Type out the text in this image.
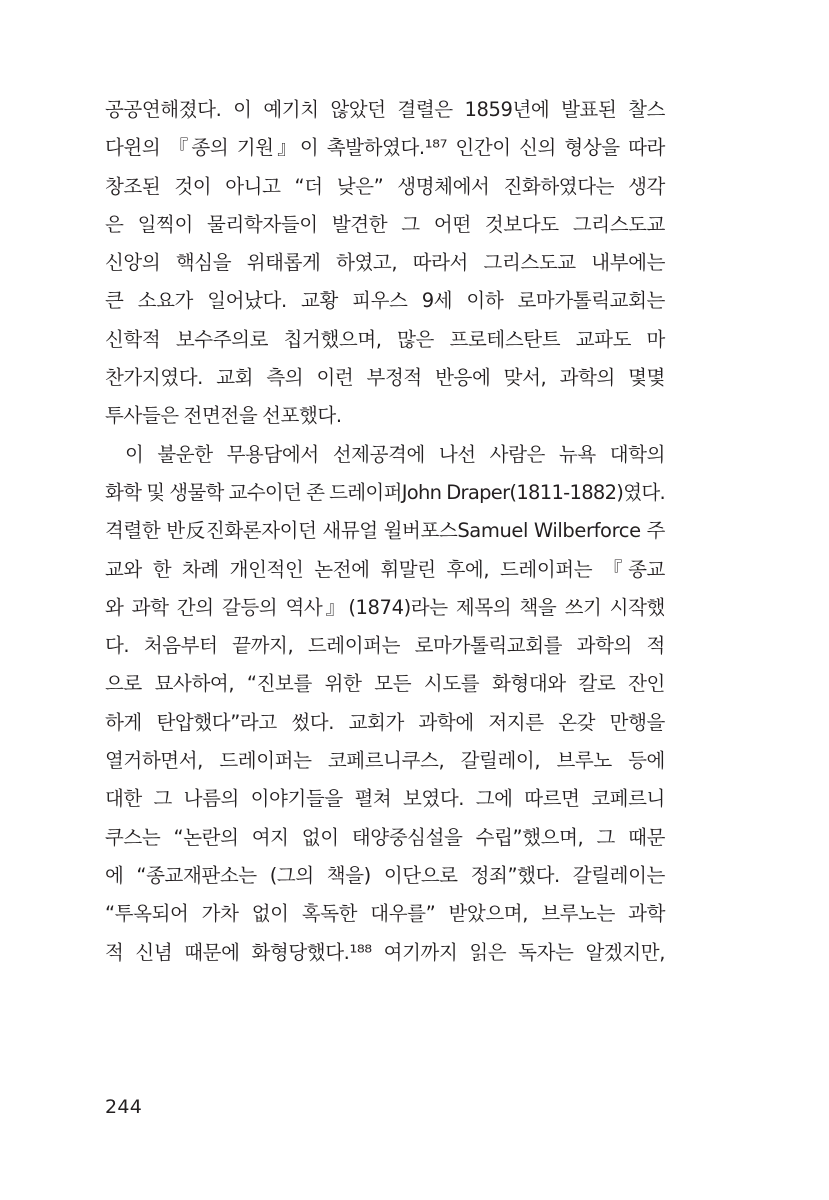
공공연해졌다. 이 예기치 않았던 결렬은 1859년에 발표된 찰스
다윈의 『종의 기원』이 촉발하였다.¹⁸⁷ 인간이 신의 형상을 따라
창조된 것이 아니고 “더 낮은” 생명체에서 진화하였다는 생각
은 일찍이 물리학자들이 발견한 그 어떤 것보다도 그리스도교
신앙의 핵심을 위태롭게 하였고, 따라서 그리스도교 내부에는
큰 소요가 일어났다. 교황 피우스 9세 이하 로마가톨릭교회는
신학적 보수주의로 칩거했으며, 많은 프로테스탄트 교파도 마
찬가지였다. 교회 측의 이런 부정적 반응에 맞서, 과학의 몇몇
투사들은 전면전을 선포했다.
이 불운한 무용담에서 선제공격에 나선 사람은 뉴욕 대학의
화학 및 생물학 교수이던 존 드레이퍼John Draper(1811-1882)였다.
격렬한 반反진화론자이던 새뮤얼 윌버포스Samuel Wilberforce 주
교와 한 차례 개인적인 논전에 휘말린 후에, 드레이퍼는 『종교
와 과학 간의 갈등의 역사』(1874)라는 제목의 책을 쓰기 시작했
다. 처음부터 끝까지, 드레이퍼는 로마가톨릭교회를 과학의 적
으로 묘사하여, “진보를 위한 모든 시도를 화형대와 칼로 잔인
하게 탄압했다”라고 썼다. 교회가 과학에 저지른 온갖 만행을
열거하면서, 드레이퍼는 코페르니쿠스, 갈릴레이, 브루노 등에
대한 그 나름의 이야기들을 펼쳐 보였다. 그에 따르면 코페르니
쿠스는 “논란의 여지 없이 태양중심설을 수립”했으며, 그 때문
에 “종교재판소는 (그의 책을) 이단으로 정죄”했다. 갈릴레이는
“투옥되어 가차 없이 혹독한 대우를” 받았으며, 브루노는 과학
적 신념 때문에 화형당했다.¹⁸⁸ 여기까지 읽은 독자는 알겠지만,
244
